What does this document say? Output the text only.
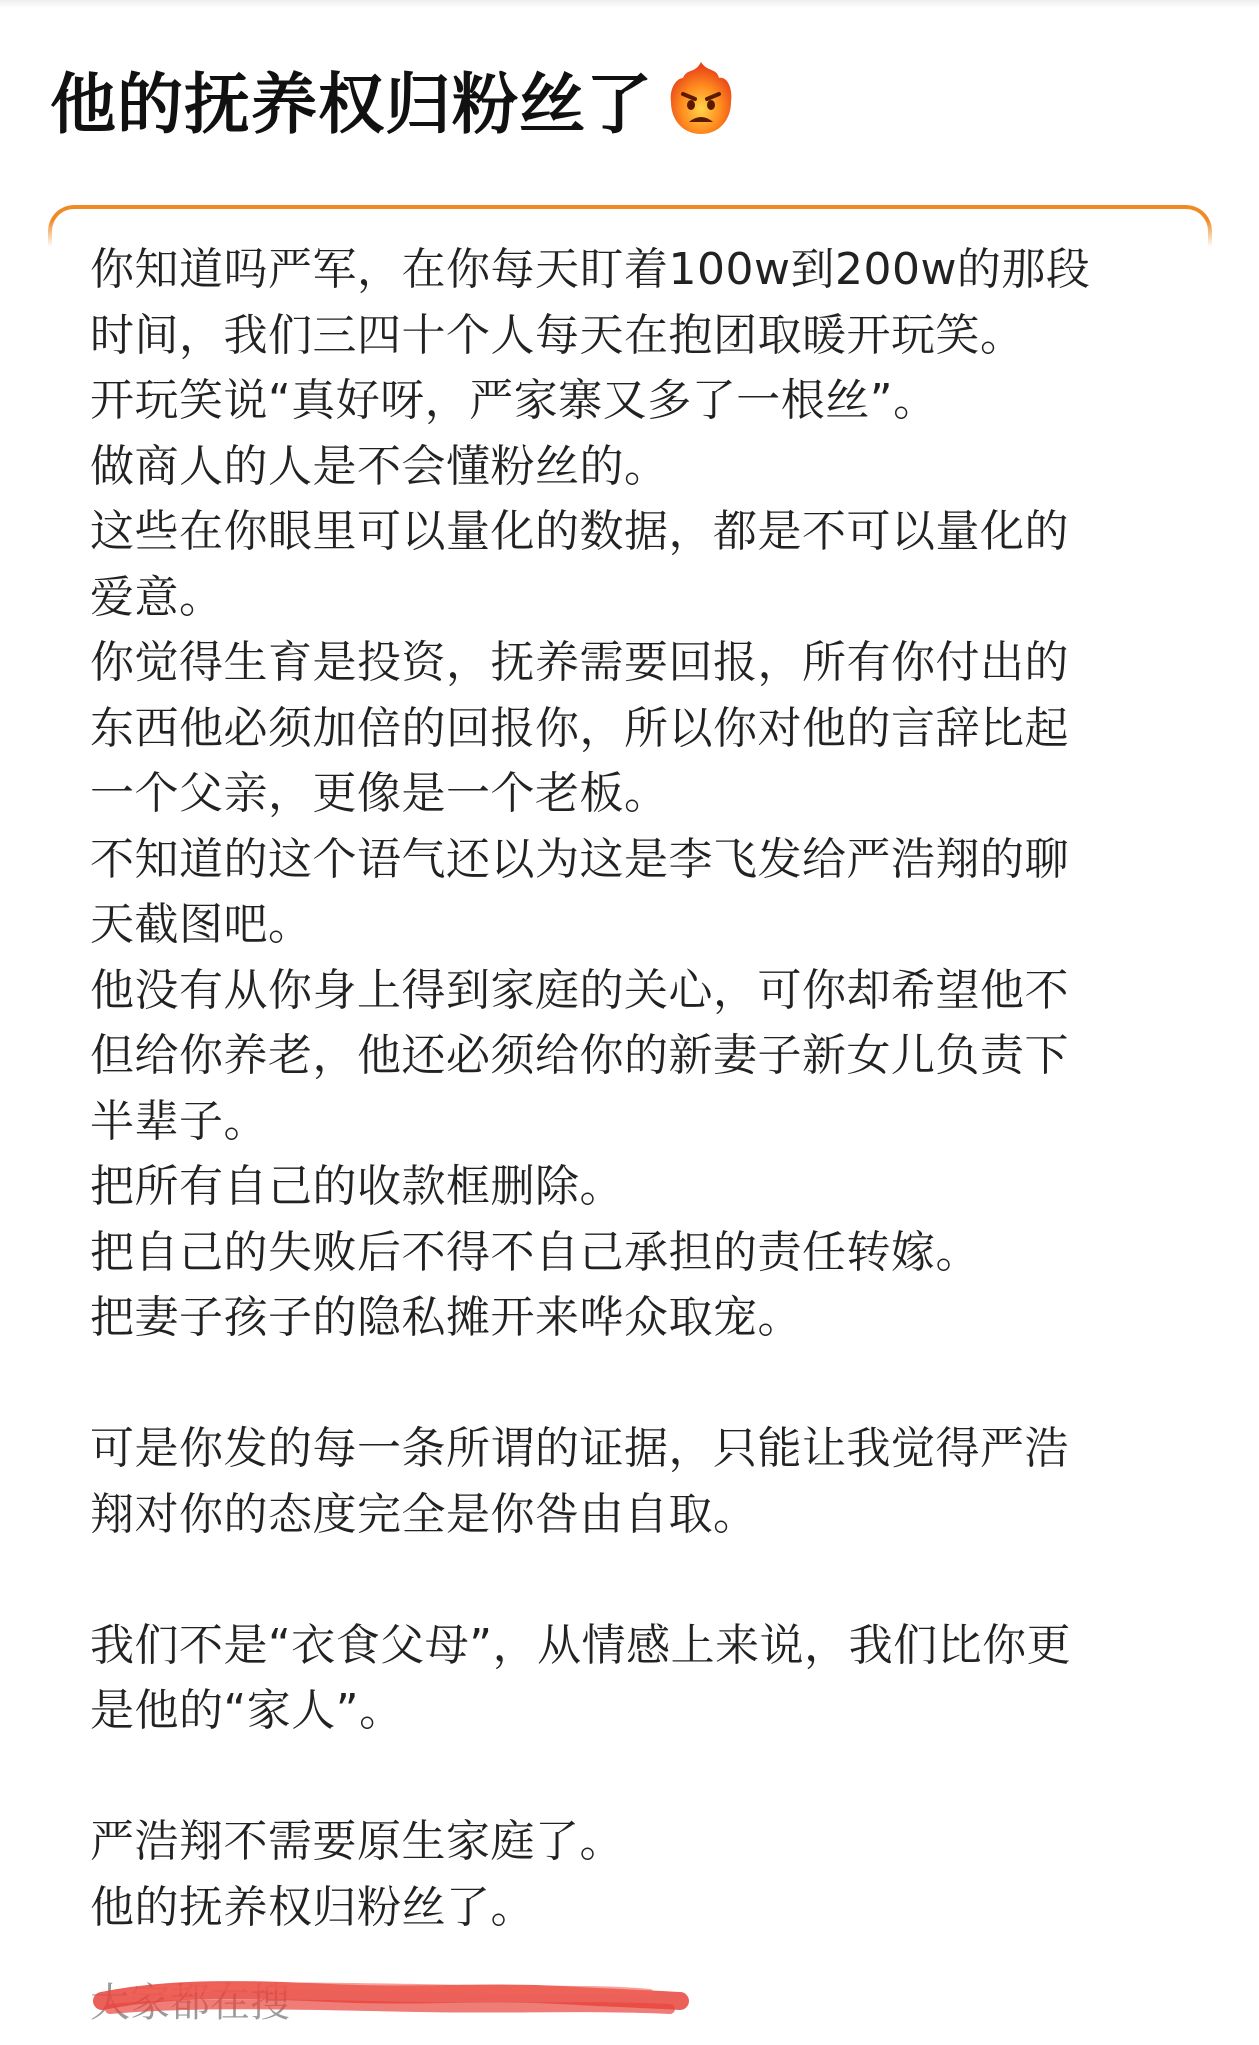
他的抚养权归粉丝了
你知道吗严军，在你每天盯着100w到200w的那段
时间，我们三四十个人每天在抱团取暖开玩笑。
开玩笑说“真好呀，严家寨又多了一根丝”。
做商人的人是不会懂粉丝的。
这些在你眼里可以量化的数据，都是不可以量化的
爱意。
你觉得生育是投资，抚养需要回报，所有你付出的
东西他必须加倍的回报你，所以你对他的言辞比起
一个父亲，更像是一个老板。
不知道的这个语气还以为这是李飞发给严浩翔的聊
天截图吧。
他没有从你身上得到家庭的关心，可你却希望他不
但给你养老，他还必须给你的新妻子新女儿负责下
半辈子。
把所有自己的收款框删除。
把自己的失败后不得不自己承担的责任转嫁。
把妻子孩子的隐私摊开来哗众取宠。
可是你发的每一条所谓的证据，只能让我觉得严浩
翔对你的态度完全是你咎由自取。
我们不是“衣食父母”，从情感上来说，我们比你更
是他的“家人”。
严浩翔不需要原生家庭了。
他的抚养权归粉丝了。
大家都在搜
